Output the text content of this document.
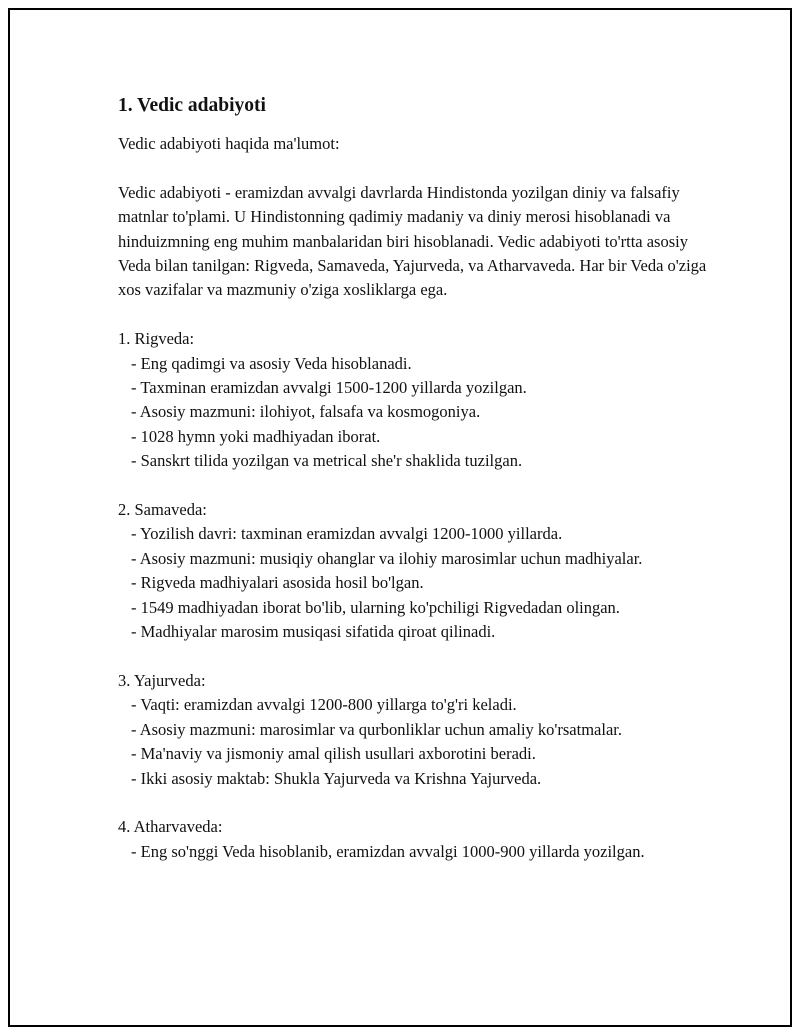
1. Vedic adabiyoti

Vedic adabiyoti haqida ma'lumot:

Vedic adabiyoti - eramizdan avvalgi davrlarda Hindistonda yozilgan diniy va falsafiy matnlar to'plami. U Hindistonning qadimiy madaniy va diniy merosi hisoblanadi va hinduizmning eng muhim manbalaridan biri hisoblanadi. Vedic adabiyoti to'rtta asosiy Veda bilan tanilgan: Rigveda, Samaveda, Yajurveda, va Atharvaveda. Har bir Veda o'ziga xos vazifalar va mazmuniy o'ziga xosliklarga ega.

1. Rigveda:

- Eng qadimgi va asosiy Veda hisoblanadi.
- Taxminan eramizdan avvalgi 1500-1200 yillarda yozilgan.
- Asosiy mazmuni: ilohiyot, falsafa va kosmogoniya.
- 1028 hymn yoki madhiyadan iborat.
- Sanskrt tilida yozilgan va metrical she'r shaklida tuzilgan.

2. Samaveda:

- Yozilish davri: taxminan eramizdan avvalgi 1200-1000 yillarda.
- Asosiy mazmuni: musiqiy ohanglar va ilohiy marosimlar uchun madhiyalar.
- Rigveda madhiyalari asosida hosil bo'lgan.
- 1549 madhiyadan iborat bo'lib, ularning ko'pchiligi Rigvedadan olingan.
- Madhiyalar marosim musiqasi sifatida qiroat qilinadi.

3. Yajurveda:

- Vaqti: eramizdan avvalgi 1200-800 yillarga to'g'ri keladi.
- Asosiy mazmuni: marosimlar va qurbonliklar uchun amaliy ko'rsatmalar.
- Ma'naviy va jismoniy amal qilish usullari axborotini beradi.
- Ikki asosiy maktab: Shukla Yajurveda va Krishna Yajurveda.

4. Atharvaveda:

- Eng so'nggi Veda hisoblanib, eramizdan avvalgi 1000-900 yillarda yozilgan.
